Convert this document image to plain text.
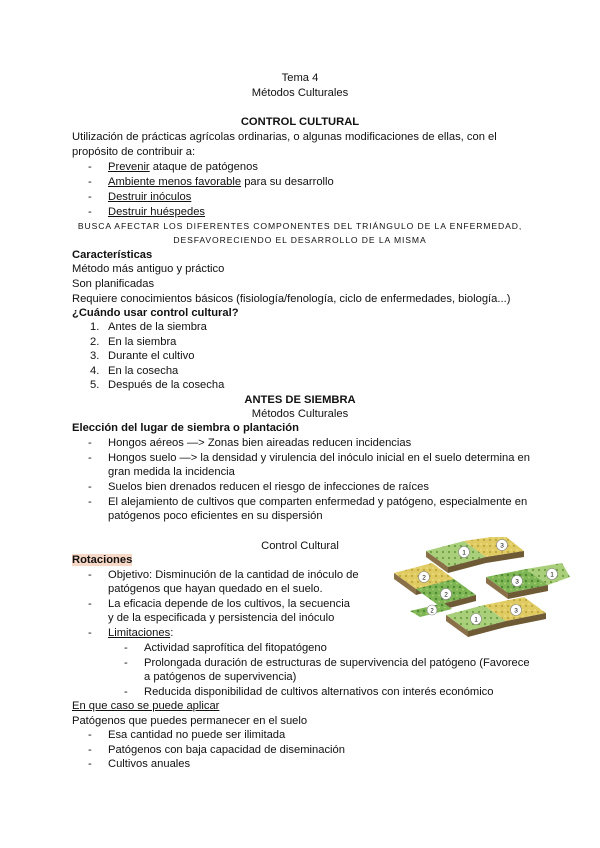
Tema 4
Métodos Culturales
CONTROL CULTURAL
Utilización de prácticas agrícolas ordinarias, o algunas modificaciones de ellas, con el
propósito de contribuir a:
- Prevenir ataque de patógenos
- Ambiente menos favorable para su desarrollo
- Destruir inóculos
- Destruir huéspedes
BUSCA AFECTAR LOS DIFERENTES COMPONENTES DEL TRIÁNGULO DE LA ENFERMEDAD,
DESFAVORECIENDO EL DESARROLLO DE LA MISMA
Características
Método más antiguo y práctico
Son planificadas
Requiere conocimientos básicos (fisiología/fenología, ciclo de enfermedades, biología...)
¿Cuándo usar control cultural?
1. Antes de la siembra
2. En la siembra
3. Durante el cultivo
4. En la cosecha
5. Después de la cosecha
ANTES DE SIEMBRA
Métodos Culturales
Elección del lugar de siembra o plantación
- Hongos aéreos —> Zonas bien aireadas reducen incidencias
- Hongos suelo —> la densidad y virulencia del inóculo inicial en el suelo determina en
gran medida la incidencia
- Suelos bien drenados reducen el riesgo de infecciones de raíces
- El alejamiento de cultivos que comparten enfermedad y patógeno, especialmente en
patógenos poco eficientes en su dispersión
Control Cultural
Rotaciones
- Objetivo: Disminución de la cantidad de inóculo de
patógenos que hayan quedado en el suelo.
- La eficacia depende de los cultivos, la secuencia
y de la especificada y persistencia del inóculo
- Limitaciones:
- Actividad saprofítica del fitopatógeno
- Prolongada duración de estructuras de supervivencia del patógeno (Favorece
a patógenos de supervivencia)
- Reducida disponibilidad de cultivos alternativos con interés económico
En que caso se puede aplicar
Patógenos que puedes permanecer en el suelo
- Esa cantidad no puede ser ilimitada
- Patógenos con baja capacidad de diseminación
- Cultivos anuales
1
3
2
2
3
1
1
3
2
